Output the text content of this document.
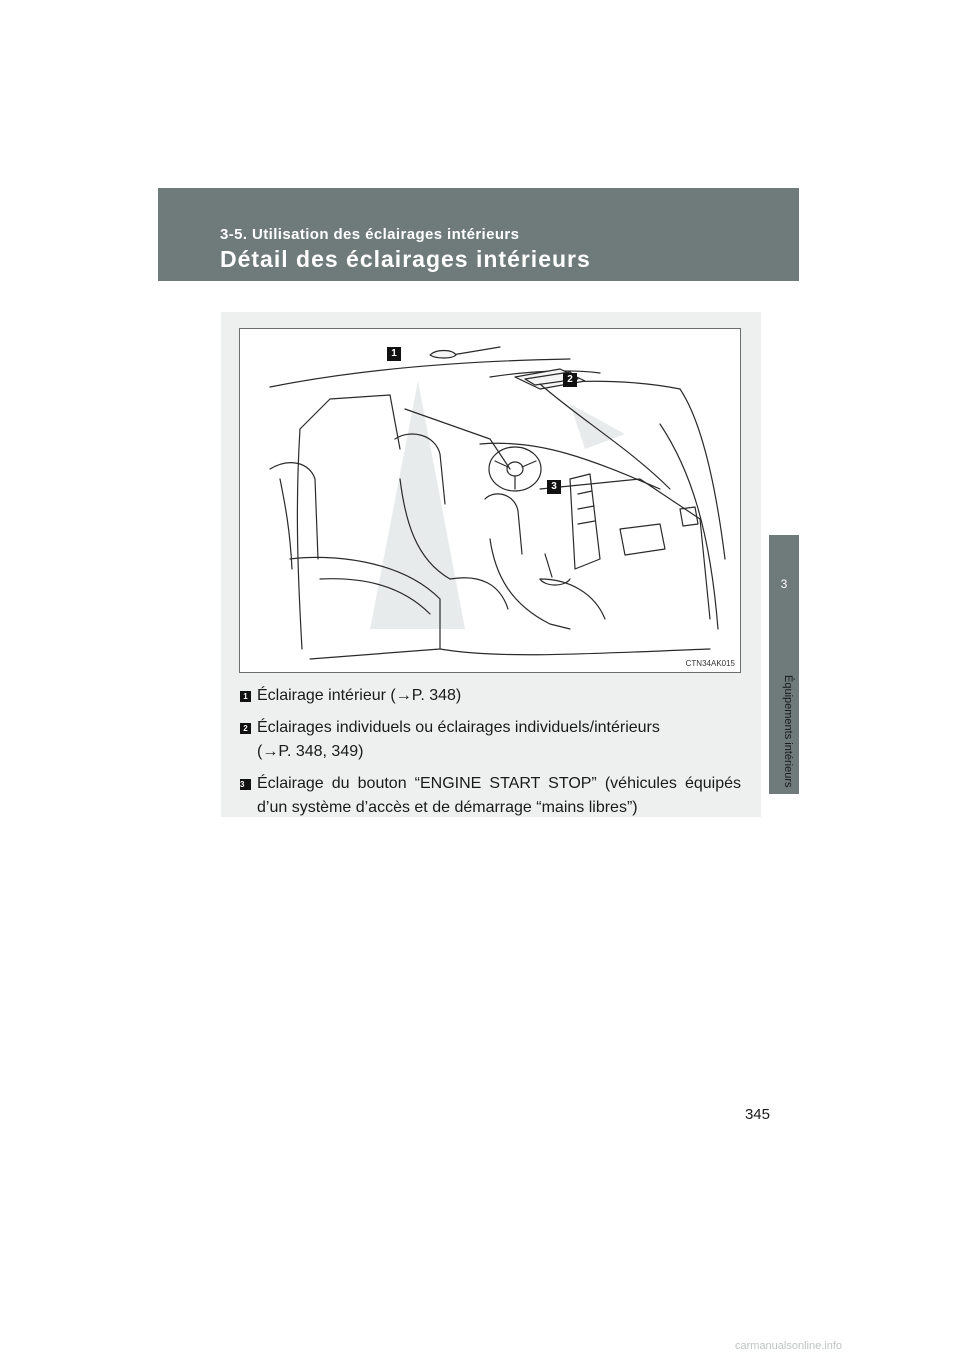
3-5. Utilisation des éclairages intérieurs
Détail des éclairages intérieurs
3
Équipements intérieurs
1
2
3
CTN34AK015
1 Éclairage intérieur (→P. 348)
2 Éclairages individuels ou éclairages individuels/intérieurs
(→P. 348, 349)
3 Éclairage du bouton “ENGINE START STOP” (véhicules équipés d’un système d’accès et de démarrage “mains libres”)
345
carmanualsonline.info
